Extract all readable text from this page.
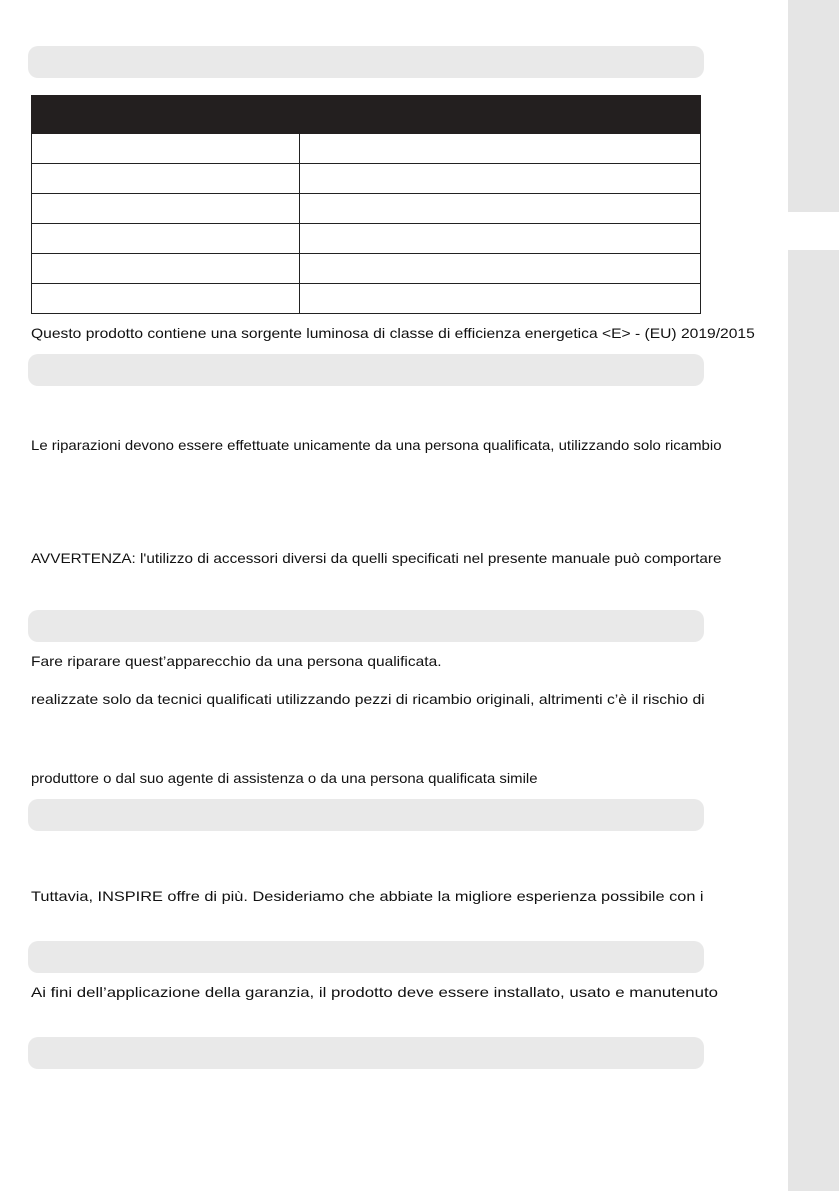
Questo prodotto contiene una sorgente luminosa di classe di efficienza energetica <E> - (EU) 2019/2015

Le riparazioni devono essere effettuate unicamente da una persona qualificata, utilizzando solo ricambio

AVVERTENZA: l'utilizzo di accessori diversi da quelli specificati nel presente manuale può comportare

Fare riparare quest’apparecchio da una persona qualificata.

realizzate solo da tecnici qualificati utilizzando pezzi di ricambio originali, altrimenti c’è il rischio di

produttore o dal suo agente di assistenza o da una persona qualificata simile

Tuttavia, INSPIRE offre di più. Desideriamo che abbiate la migliore esperienza possibile con i

Ai fini dell’applicazione della garanzia, il prodotto deve essere installato, usato e manutenuto
